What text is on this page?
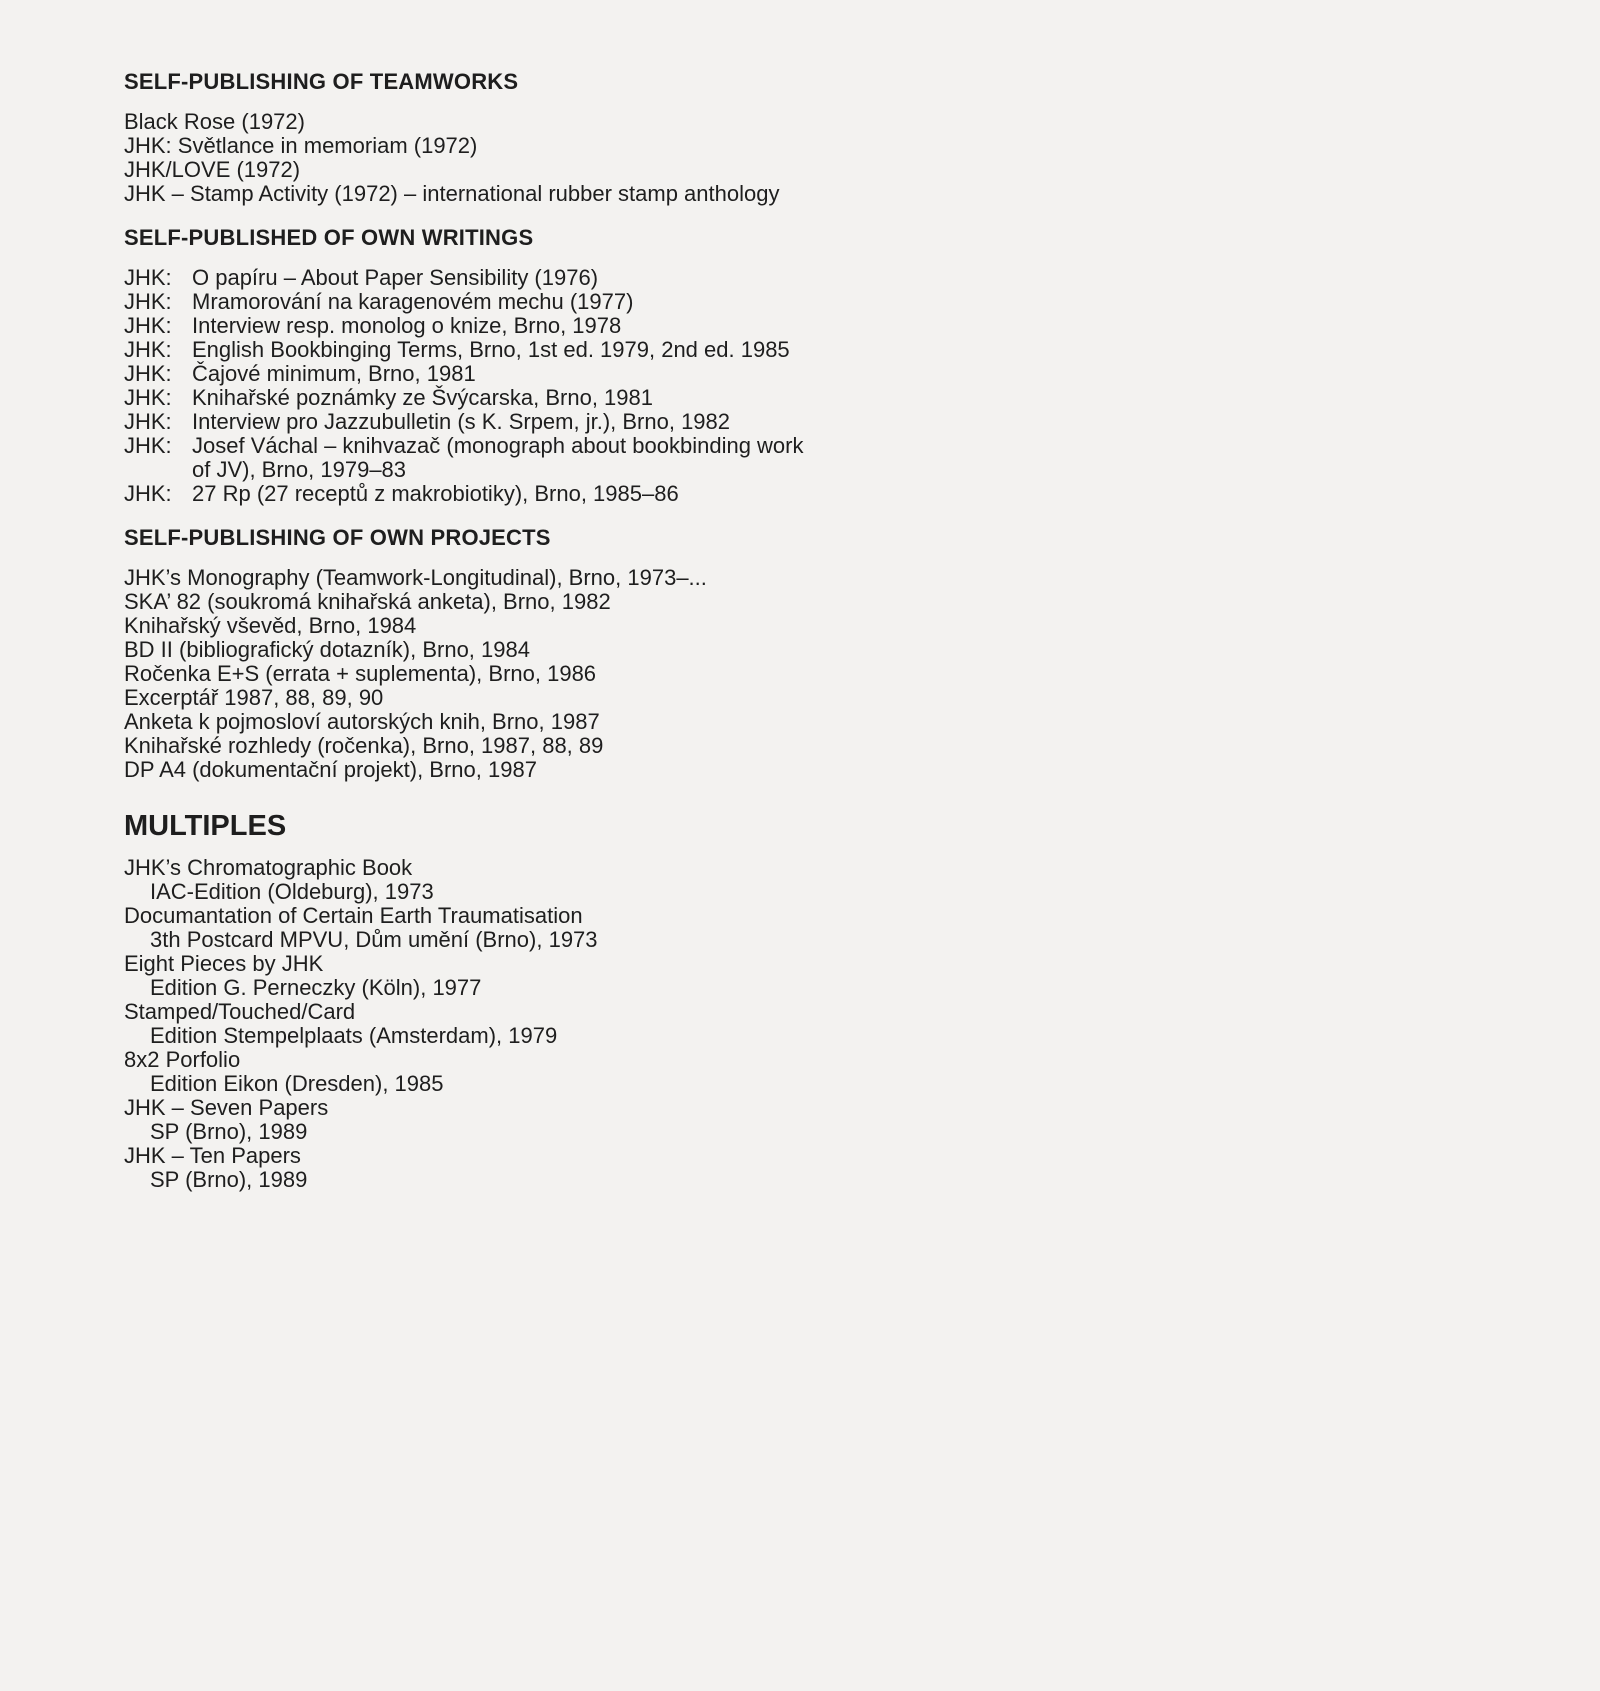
SELF-PUBLISHING OF TEAMWORKS
Black Rose (1972)
JHK: Světlance in memoriam (1972)
JHK/LOVE (1972)
JHK – Stamp Activity (1972) – international rubber stamp anthology
SELF-PUBLISHED OF OWN WRITINGS
JHK: O papíru – About Paper Sensibility (1976)
JHK: Mramorování na karagenovém mechu (1977)
JHK: Interview resp. monolog o knize, Brno, 1978
JHK: English Bookbinging Terms, Brno, 1st ed. 1979, 2nd ed. 1985
JHK: Čajové minimum, Brno, 1981
JHK: Knihařské poznámky ze Švýcarska, Brno, 1981
JHK: Interview pro Jazzubulletin (s K. Srpem, jr.), Brno, 1982
JHK: Josef Váchal – knihvazač (monograph about bookbinding work of JV), Brno, 1979–83
JHK: 27 Rp (27 receptů z makrobiotiky), Brno, 1985–86
SELF-PUBLISHING OF OWN PROJECTS
JHK’s Monography (Teamwork-Longitudinal), Brno, 1973–...
SKA’ 82 (soukromá knihařská anketa), Brno, 1982
Knihařský vševěd, Brno, 1984
BD II (bibliografický dotazník), Brno, 1984
Ročenka E+S (errata + suplementa), Brno, 1986
Excerptář 1987, 88, 89, 90
Anketa k pojmosloví autorských knih, Brno, 1987
Knihařské rozhledy (ročenka), Brno, 1987, 88, 89
DP A4 (dokumentační projekt), Brno, 1987
MULTIPLES
JHK’s Chromatographic Book
IAC-Edition (Oldeburg), 1973
Documantation of Certain Earth Traumatisation
3th Postcard MPVU, Dům umění (Brno), 1973
Eight Pieces by JHK
Edition G. Perneczky (Köln), 1977
Stamped/Touched/Card
Edition Stempelplaats (Amsterdam), 1979
8x2 Porfolio
Edition Eikon (Dresden), 1985
JHK – Seven Papers
SP (Brno), 1989
JHK – Ten Papers
SP (Brno), 1989
